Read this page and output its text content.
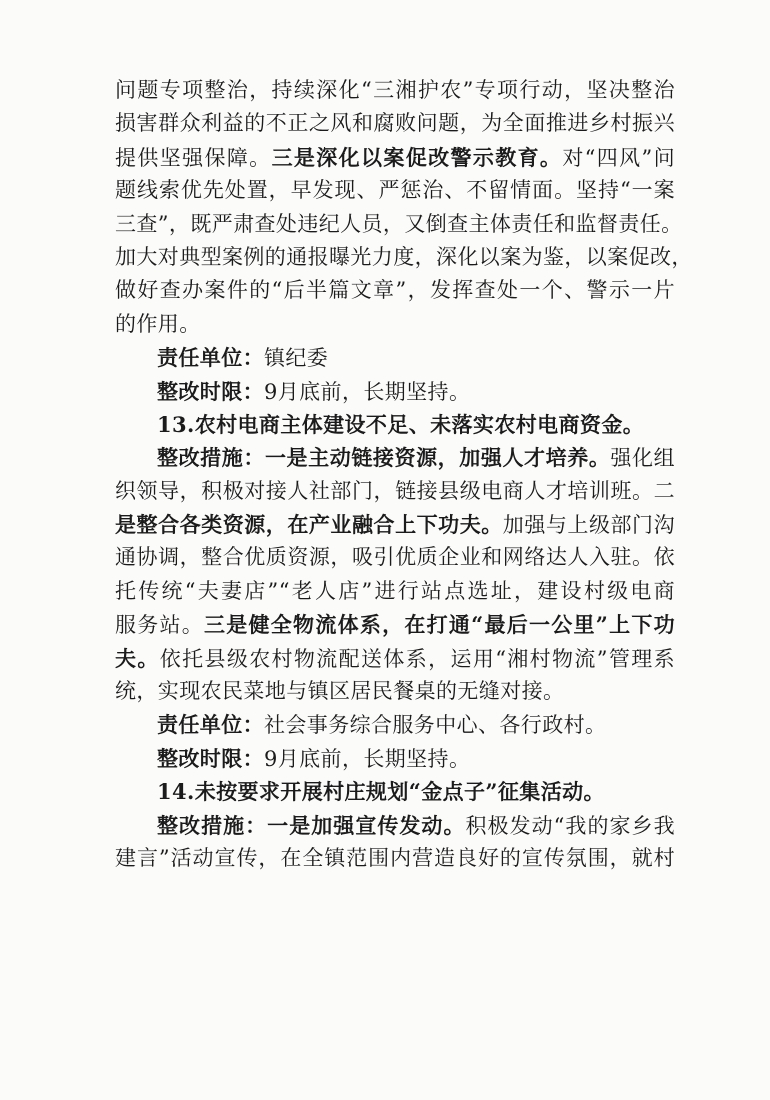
问题专项整治，持续深化“三湘护农”专项行动，坚决整治
损害群众利益的不正之风和腐败问题，为全面推进乡村振兴
提供坚强保障。三是深化以案促改警示教育。对“四风”问
题线索优先处置，早发现、严惩治、不留情面。坚持“一案
三查”，既严肃查处违纪人员，又倒查主体责任和监督责任。
加大对典型案例的通报曝光力度，深化以案为鉴，以案促改，
做好查办案件的“后半篇文章”，发挥查处一个、警示一片
的作用。
责任单位：镇纪委
整改时限：9月底前，长期坚持。
13.农村电商主体建设不足、未落实农村电商资金。
整改措施：一是主动链接资源，加强人才培养。强化组
织领导，积极对接人社部门，链接县级电商人才培训班。二
是整合各类资源，在产业融合上下功夫。加强与上级部门沟
通协调，整合优质资源，吸引优质企业和网络达人入驻。依
托传统“夫妻店”“老人店”进行站点选址，建设村级电商
服务站。三是健全物流体系，在打通“最后一公里”上下功
夫。依托县级农村物流配送体系，运用“湘村物流”管理系
统，实现农民菜地与镇区居民餐桌的无缝对接。
责任单位：社会事务综合服务中心、各行政村。
整改时限：9月底前，长期坚持。
14.未按要求开展村庄规划“金点子”征集活动。
整改措施：一是加强宣传发动。积极发动“我的家乡我
建言”活动宣传，在全镇范围内营造良好的宣传氛围，就村
